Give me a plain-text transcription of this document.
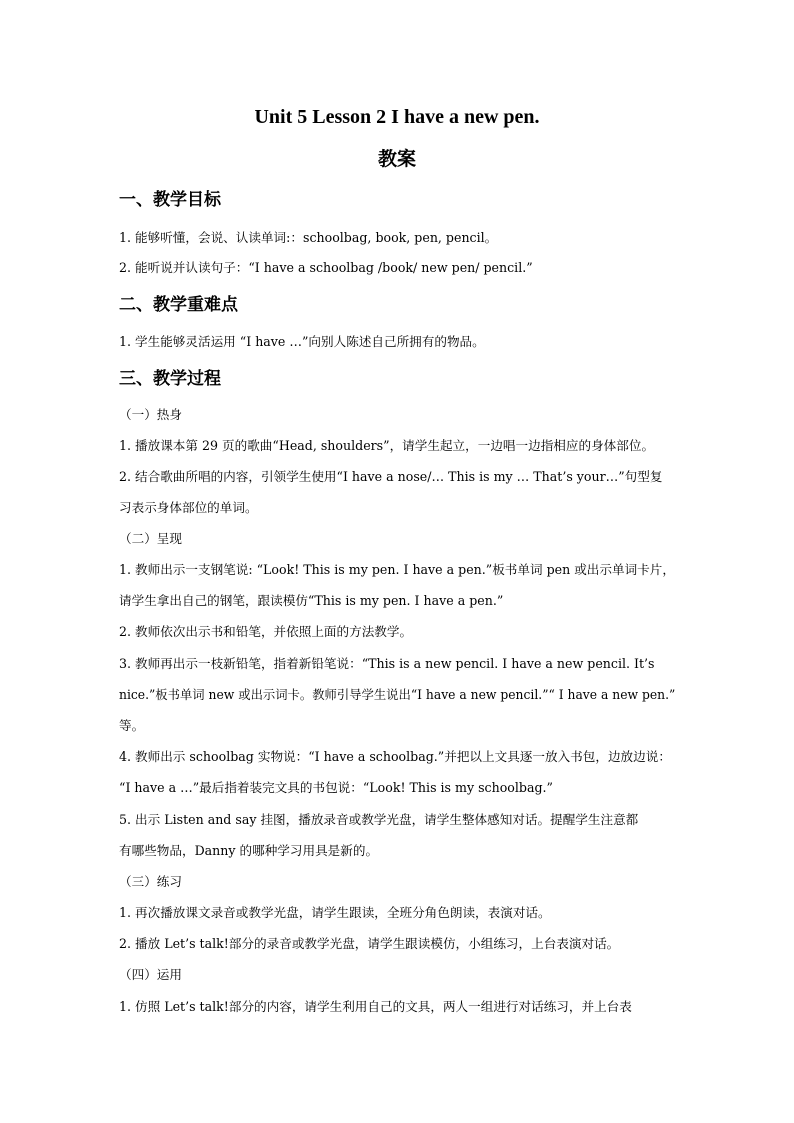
Unit 5 Lesson 2 I have a new pen.
教案
一、教学目标
1. 能够听懂，会说、认读单词:：schoolbag, book, pen, pencil。
2. 能听说并认读句子：“I have a schoolbag /book/ new pen/ pencil.”
二、教学重难点
1. 学生能够灵活运用 “I have …”向别人陈述自己所拥有的物品。
三、教学过程
（一）热身
1. 播放课本第 29 页的歌曲“Head, shoulders”，请学生起立，一边唱一边指相应的身体部位。
2. 结合歌曲所唱的内容，引领学生使用“I have a nose/… This is my … That’s your…”句型复
习表示身体部位的单词。
（二）呈现
1. 教师出示一支钢笔说: “Look! This is my pen. I have a pen.”板书单词 pen 或出示单词卡片，
请学生拿出自己的钢笔，跟读模仿“This is my pen. I have a pen.”
2. 教师依次出示书和铅笔，并依照上面的方法教学。
3. 教师再出示一枝新铅笔，指着新铅笔说：“This is a new pencil. I have a new pencil. It’s
nice.”板书单词 new 或出示词卡。教师引导学生说出“I have a new pencil.”“ I have a new pen.”
等。
4. 教师出示 schoolbag 实物说：“I have a schoolbag.”并把以上文具逐一放入书包，边放边说：
“I have a …”最后指着装完文具的书包说：“Look! This is my schoolbag.”
5. 出示 Listen and say 挂图，播放录音或教学光盘，请学生整体感知对话。提醒学生注意都
有哪些物品，Danny 的哪种学习用具是新的。
（三）练习
1. 再次播放课文录音或教学光盘，请学生跟读，全班分角色朗读，表演对话。
2. 播放 Let’s talk!部分的录音或教学光盘，请学生跟读模仿，小组练习，上台表演对话。
（四）运用
1. 仿照 Let’s talk!部分的内容，请学生利用自己的文具，两人一组进行对话练习，并上台表
